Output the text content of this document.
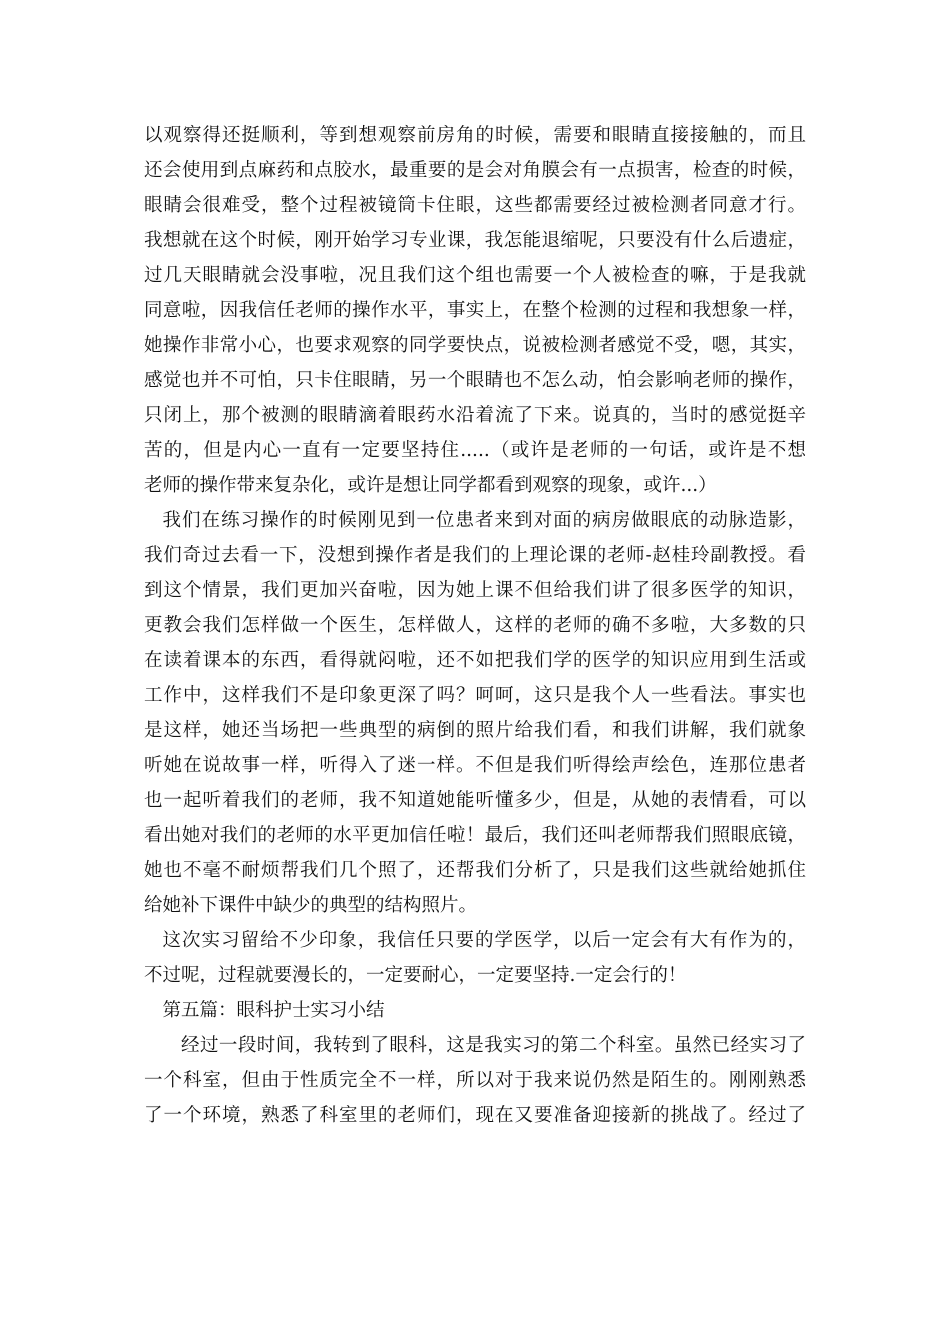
以观察得还挺顺利，等到想观察前房角的时候，需要和眼睛直接接触的，而且
还会使用到点麻药和点胶水，最重要的是会对角膜会有一点损害，检查的时候，
眼睛会很难受，整个过程被镜筒卡住眼，这些都需要经过被检测者同意才行。
我想就在这个时候，刚开始学习专业课，我怎能退缩呢，只要没有什么后遗症，
过几天眼睛就会没事啦，况且我们这个组也需要一个人被检查的嘛，于是我就
同意啦，因我信任老师的操作水平，事实上，在整个检测的过程和我想象一样，
她操作非常小心，也要求观察的同学要快点，说被检测者感觉不受，嗯，其实，
感觉也并不可怕，只卡住眼睛，另一个眼睛也不怎么动，怕会影响老师的操作，
只闭上，那个被测的眼睛滴着眼药水沿着流了下来。说真的，当时的感觉挺辛
苦的，但是内心一直有一定要坚持住.....（或许是老师的一句话，或许是不想
老师的操作带来复杂化，或许是想让同学都看到观察的现象，或许...）
我们在练习操作的时候刚见到一位患者来到对面的病房做眼底的动脉造影，
我们奇过去看一下，没想到操作者是我们的上理论课的老师-赵桂玲副教授。看
到这个情景，我们更加兴奋啦，因为她上课不但给我们讲了很多医学的知识，
更教会我们怎样做一个医生，怎样做人，这样的老师的确不多啦，大多数的只
在读着课本的东西，看得就闷啦，还不如把我们学的医学的知识应用到生活或
工作中，这样我们不是印象更深了吗？呵呵，这只是我个人一些看法。事实也
是这样，她还当场把一些典型的病倒的照片给我们看，和我们讲解，我们就象
听她在说故事一样，听得入了迷一样。不但是我们听得绘声绘色，连那位患者
也一起听着我们的老师，我不知道她能听懂多少，但是，从她的表情看，可以
看出她对我们的老师的水平更加信任啦！最后，我们还叫老师帮我们照眼底镜，
她也不毫不耐烦帮我们几个照了，还帮我们分析了，只是我们这些就给她抓住
给她补下课件中缺少的典型的结构照片。
这次实习留给不少印象，我信任只要的学医学，以后一定会有大有作为的，
不过呢，过程就要漫长的，一定要耐心，一定要坚持.一定会行的！
第五篇：眼科护士实习小结
经过一段时间，我转到了眼科，这是我实习的第二个科室。虽然已经实习了
一个科室，但由于性质完全不一样，所以对于我来说仍然是陌生的。刚刚熟悉
了一个环境，熟悉了科室里的老师们，现在又要准备迎接新的挑战了。经过了
